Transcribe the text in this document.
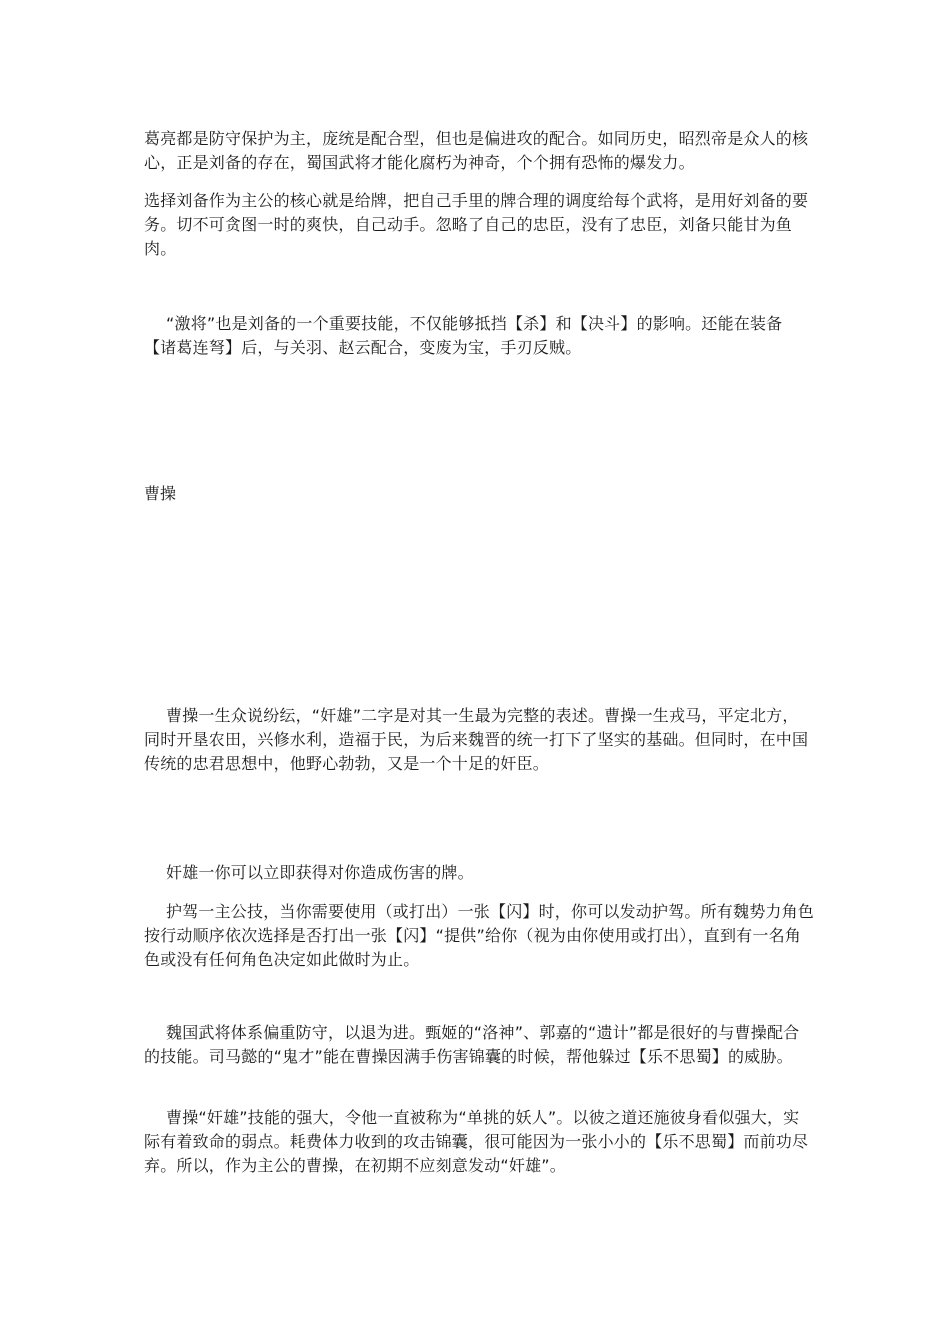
葛亮都是防守保护为主，庞统是配合型，但也是偏进攻的配合。如同历史，昭烈帝是众人的核心，正是刘备的存在，蜀国武将才能化腐朽为神奇，个个拥有恐怖的爆发力。

选择刘备作为主公的核心就是给牌，把自己手里的牌合理的调度给每个武将，是用好刘备的要务。切不可贪图一时的爽快，自己动手。忽略了自己的忠臣，没有了忠臣，刘备只能甘为鱼肉。

“激将”也是刘备的一个重要技能，不仅能够抵挡【杀】和【决斗】的影响。还能在装备【诸葛连弩】后，与关羽、赵云配合，变废为宝，手刃反贼。

曹操

曹操一生众说纷纭，“奸雄”二字是对其一生最为完整的表述。曹操一生戎马，平定北方，同时开垦农田，兴修水利，造福于民，为后来魏晋的统一打下了坚实的基础。但同时，在中国传统的忠君思想中，他野心勃勃，又是一个十足的奸臣。

奸雄一你可以立即获得对你造成伤害的牌。

护驾一主公技，当你需要使用（或打出）一张【闪】时，你可以发动护驾。所有魏势力角色按行动顺序依次选择是否打出一张【闪】“提供”给你（视为由你使用或打出），直到有一名角色或没有任何角色决定如此做时为止。

魏国武将体系偏重防守，以退为进。甄姬的“洛神”、郭嘉的“遗计”都是很好的与曹操配合的技能。司马懿的“鬼才”能在曹操因满手伤害锦囊的时候，帮他躲过【乐不思蜀】的威胁。

曹操“奸雄”技能的强大，令他一直被称为“单挑的妖人”。以彼之道还施彼身看似强大，实际有着致命的弱点。耗费体力收到的攻击锦囊，很可能因为一张小小的【乐不思蜀】而前功尽弃。所以，作为主公的曹操，在初期不应刻意发动“奸雄”。
